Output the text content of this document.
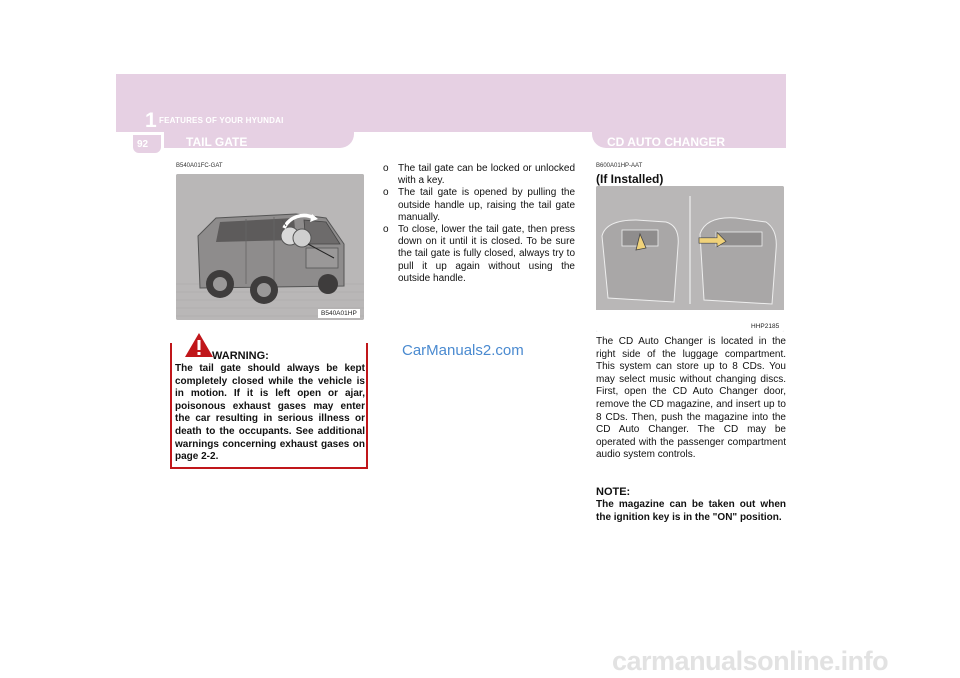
1 FEATURES OF YOUR HYUNDAI
92	TAIL GATE	CD AUTO CHANGER
B540A01FC-GAT
B540A01HP
WARNING:
The tail gate should always be kept completely closed while the vehicle is in motion. If it is left open or ajar, poisonous exhaust gases may enter the car resulting in serious illness or death to the occupants. See additional warnings concerning exhaust gases on page 2-2.
o The tail gate can be locked or unlocked with a key.
o The tail gate is opened by pulling the outside handle up, raising the tail gate manually.
o To close, lower the tail gate, then press down on it until it is closed. To be sure the tail gate is fully closed, always try to pull it up again without using the outside handle.
CarManuals2.com
B600A01HP-AAT
(If Installed)
HHP2185

The CD Auto Changer is located in the right side of the luggage compartment. This system can store up to 8 CDs. You may select music without changing discs. First, open the CD Auto Changer door, remove the CD magazine, and insert up to 8 CDs. Then, push the magazine into the CD Auto Changer. The CD may be operated with the passenger compartment audio system controls.

NOTE:
The magazine can be taken out when the ignition key is in the "ON" position.
carmanualsonline.info
